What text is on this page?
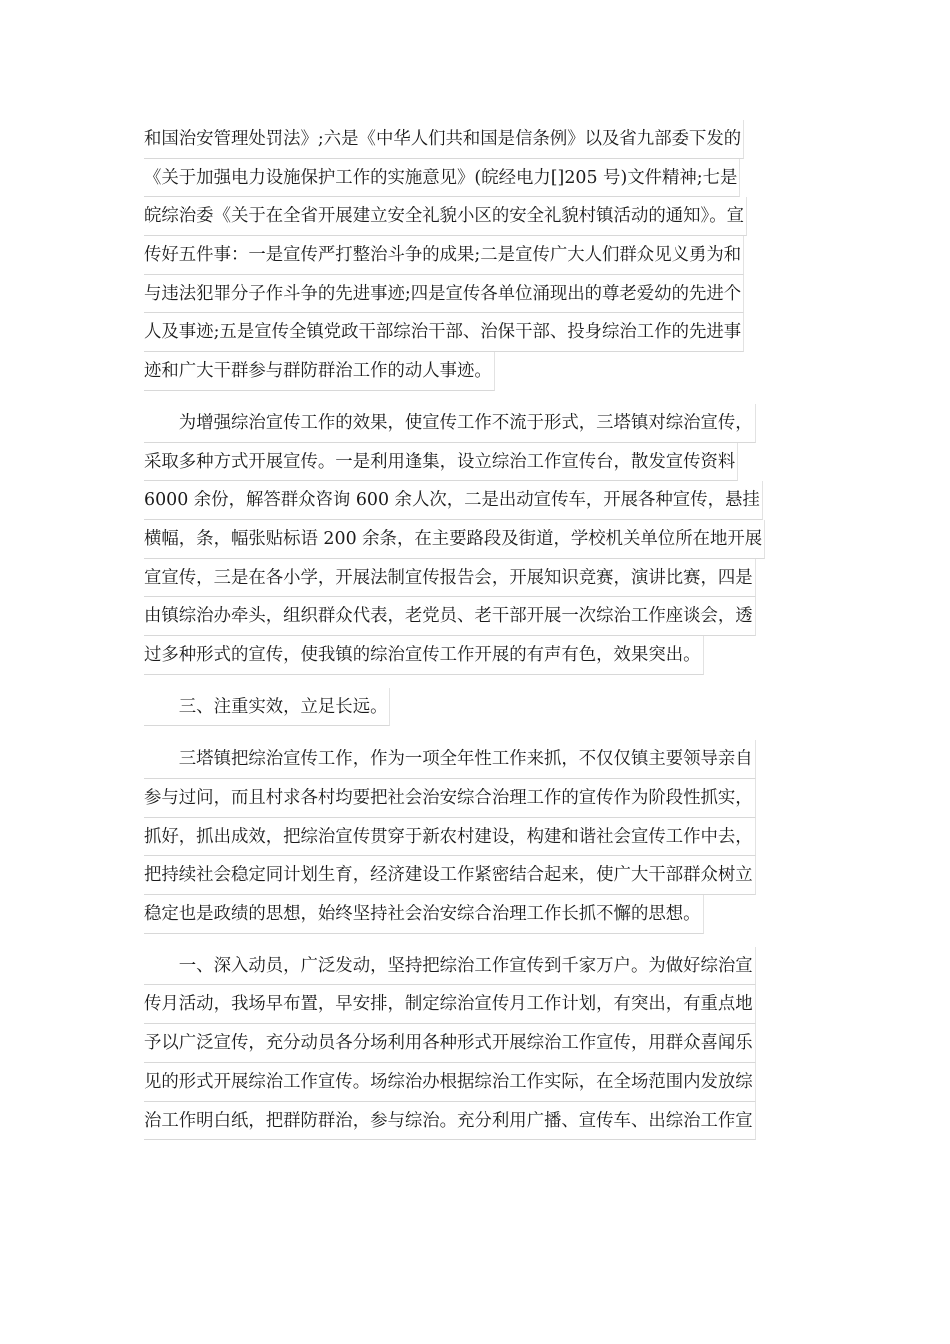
和国治安管理处罚法》;六是《中华人们共和国是信条例》以及省九部委下发的
《关于加强电力设施保护工作的实施意见》(皖经电力[]205 号)文件精神;七是
皖综治委《关于在全省开展建立安全礼貌小区的安全礼貌村镇活动的通知》。宣
传好五件事：一是宣传严打整治斗争的成果;二是宣传广大人们群众见义勇为和
与违法犯罪分子作斗争的先进事迹;四是宣传各单位涌现出的尊老爱幼的先进个
人及事迹;五是宣传全镇党政干部综治干部、治保干部、投身综治工作的先进事
迹和广大干群参与群防群治工作的动人事迹。
　　为增强综治宣传工作的效果，使宣传工作不流于形式，三塔镇对综治宣传，
采取多种方式开展宣传。一是利用逢集，设立综治工作宣传台，散发宣传资料
6000 余份，解答群众咨询 600 余人次，二是出动宣传车，开展各种宣传，悬挂
横幅，条，幅张贴标语 200 余条，在主要路段及街道，学校机关单位所在地开展
宣宣传，三是在各小学，开展法制宣传报告会，开展知识竞赛，演讲比赛，四是
由镇综治办牵头，组织群众代表，老党员、老干部开展一次综治工作座谈会，透
过多种形式的宣传，使我镇的综治宣传工作开展的有声有色，效果突出。
　　三、注重实效，立足长远。
　　三塔镇把综治宣传工作，作为一项全年性工作来抓，不仅仅镇主要领导亲自
参与过问，而且村求各村均要把社会治安综合治理工作的宣传作为阶段性抓实，
抓好，抓出成效，把综治宣传贯穿于新农村建设，构建和谐社会宣传工作中去，
把持续社会稳定同计划生育，经济建设工作紧密结合起来，使广大干部群众树立
稳定也是政绩的思想，始终坚持社会治安综合治理工作长抓不懈的思想。
　　一、深入动员，广泛发动，坚持把综治工作宣传到千家万户。为做好综治宣
传月活动，我场早布置，早安排，制定综治宣传月工作计划，有突出，有重点地
予以广泛宣传，充分动员各分场利用各种形式开展综治工作宣传，用群众喜闻乐
见的形式开展综治工作宣传。场综治办根据综治工作实际，在全场范围内发放综
治工作明白纸，把群防群治，参与综治。充分利用广播、宣传车、出综治工作宣
